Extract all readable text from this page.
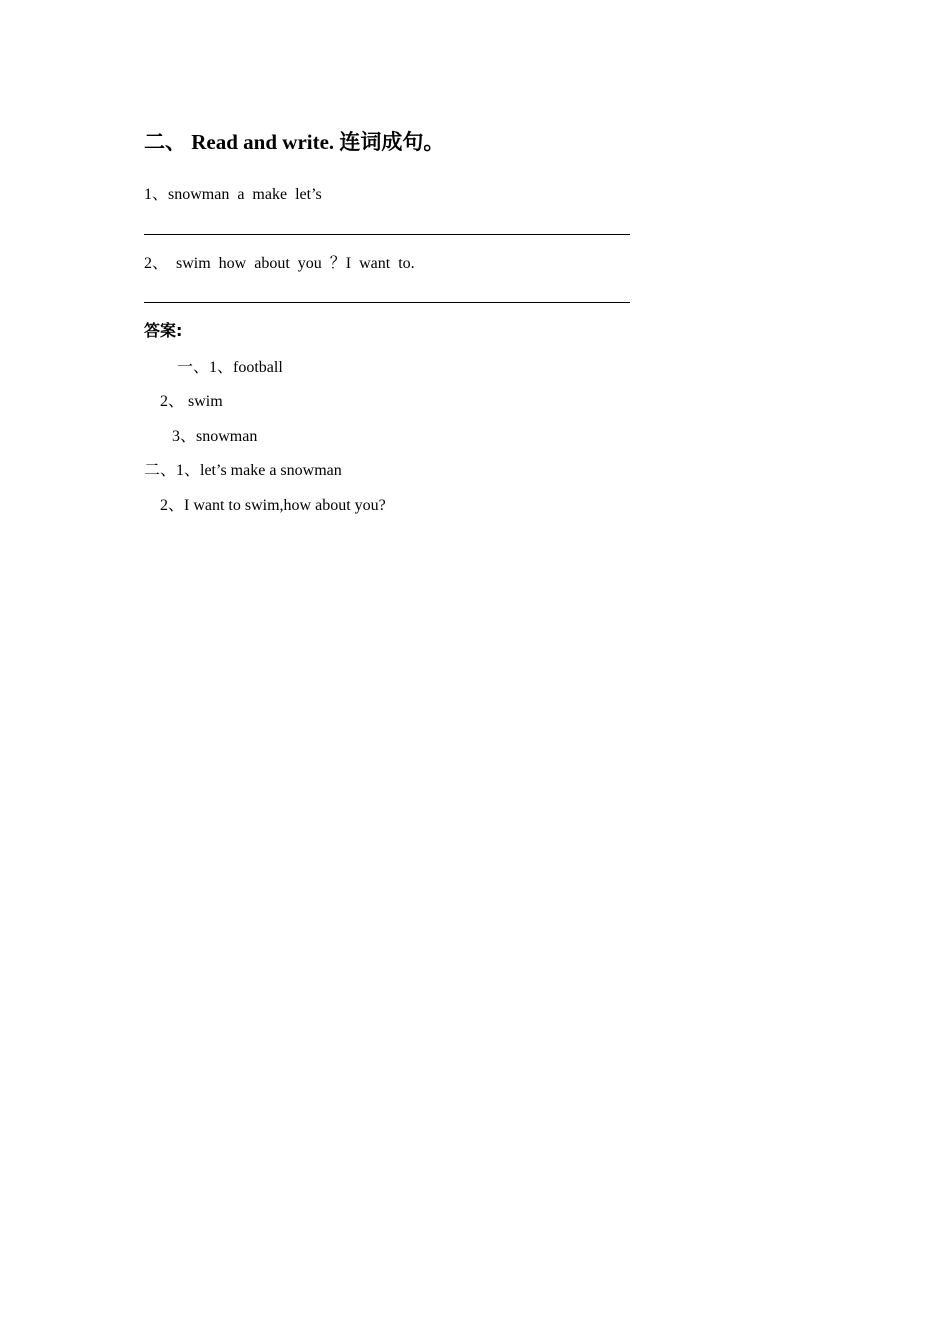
二、 Read and write. 连词成句。
1、snowman  a  make  let’s
2、  swim  how  about  you  ？I  want  to.
答案:
一、1、football
2、 swim
3、snowman
二、1、let’s make a snowman
2、I want to swim,how about you?
